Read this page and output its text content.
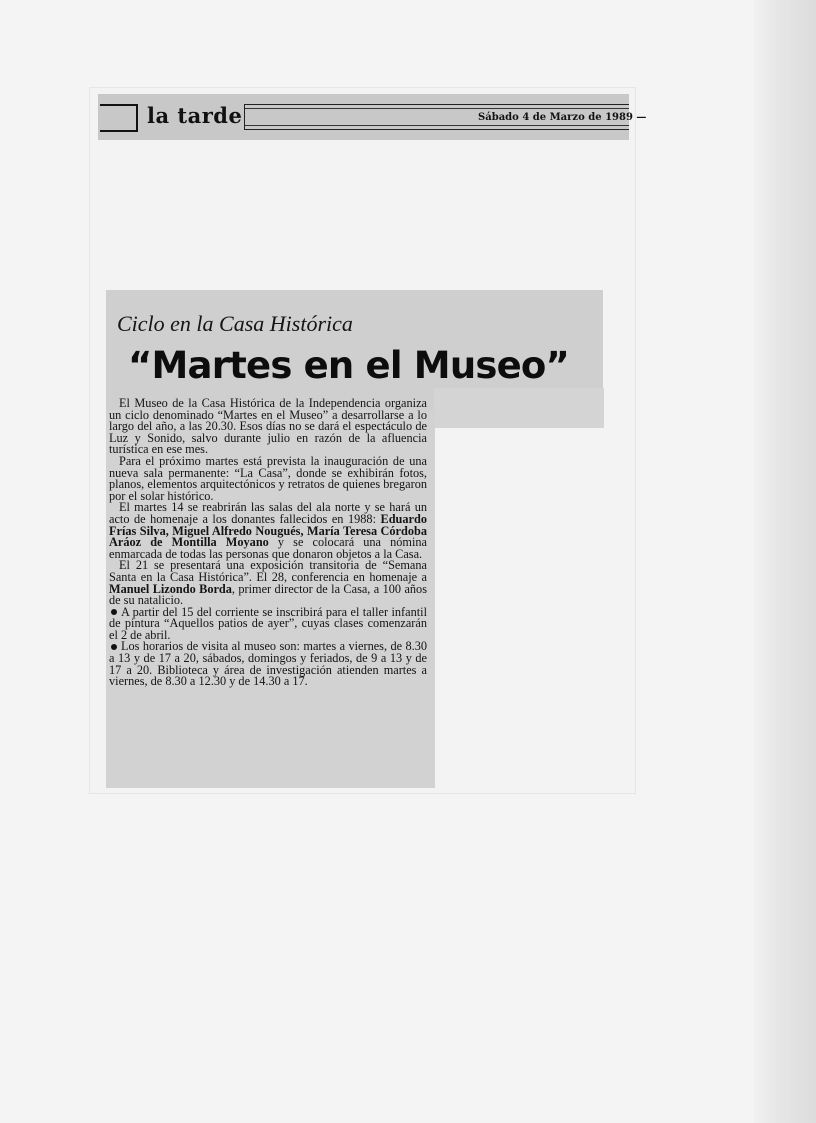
la tarde	Sábado 4 de Marzo de 1989 —
Ciclo en la Casa Histórica
“Martes en el Museo”

El Museo de la Casa Histórica de la Independencia organiza un ciclo denominado “Martes en el Museo” a desarrollarse a lo largo del año, a las 20.30. Esos días no se dará el espectáculo de Luz y Sonido, salvo durante julio en razón de la afluencia turística en ese mes.

Para el próximo martes está prevista la inauguración de una nueva sala permanente: “La Casa”, donde se exhibirán fotos, planos, elementos arquitectónicos y retratos de quienes bregaron por el solar histórico.

El martes 14 se reabrirán las salas del ala norte y se hará un acto de homenaje a los donantes fallecidos en 1988: Eduardo Frías Silva, Miguel Alfredo Nougués, María Teresa Córdoba Aráoz de Montilla Moyano y se colocará una nómina enmarcada de todas las personas que donaron objetos a la Casa.

El 21 se presentará una exposición transitoria de “Semana Santa en la Casa Histórica”. El 28, conferencia en homenaje a Manuel Lizondo Borda, primer director de la Casa, a 100 años de su natalicio.

A partir del 15 del corriente se inscribirá para el taller infantil de pintura “Aquellos patios de ayer”, cuyas clases comenzarán el 2 de abril.

Los horarios de visita al museo son: martes a viernes, de 8.30 a 13 y de 17 a 20, sábados, domingos y feriados, de 9 a 13 y de 17 a 20. Biblioteca y área de investigación atienden martes a viernes, de 8.30 a 12.30 y de 14.30 a 17.
